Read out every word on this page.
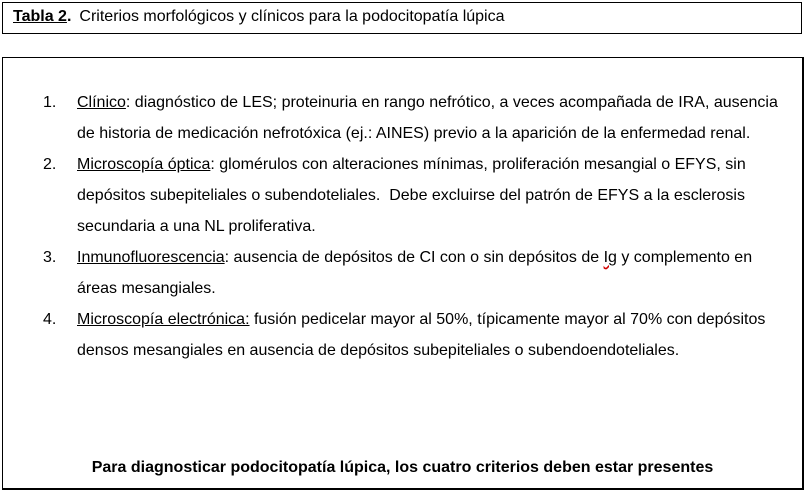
Tabla 2. Criterios morfológicos y clínicos para la podocitopatía lúpica
1. Clínico: diagnóstico de LES; proteinuria en rango nefrótico, a veces acompañada de IRA, ausencia de historia de medicación nefrotóxica (ej.: AINES) previo a la aparición de la enfermedad renal.
2. Microscopía óptica: glomérulos con alteraciones mínimas, proliferación mesangial o EFYS, sin depósitos subepiteliales o subendoteliales.  Debe excluirse del patrón de EFYS a la esclerosis secundaria a una NL proliferativa.
3. Inmunofluorescencia: ausencia de depósitos de CI con o sin depósitos de Ig y complemento en áreas mesangiales.
4. Microscopía electrónica: fusión pedicelar mayor al 50%, típicamente mayor al 70% con depósitos densos mesangiales en ausencia de depósitos subepiteliales o subendoendoteliales.
Para diagnosticar podocitopatía lúpica, los cuatro criterios deben estar presentes
